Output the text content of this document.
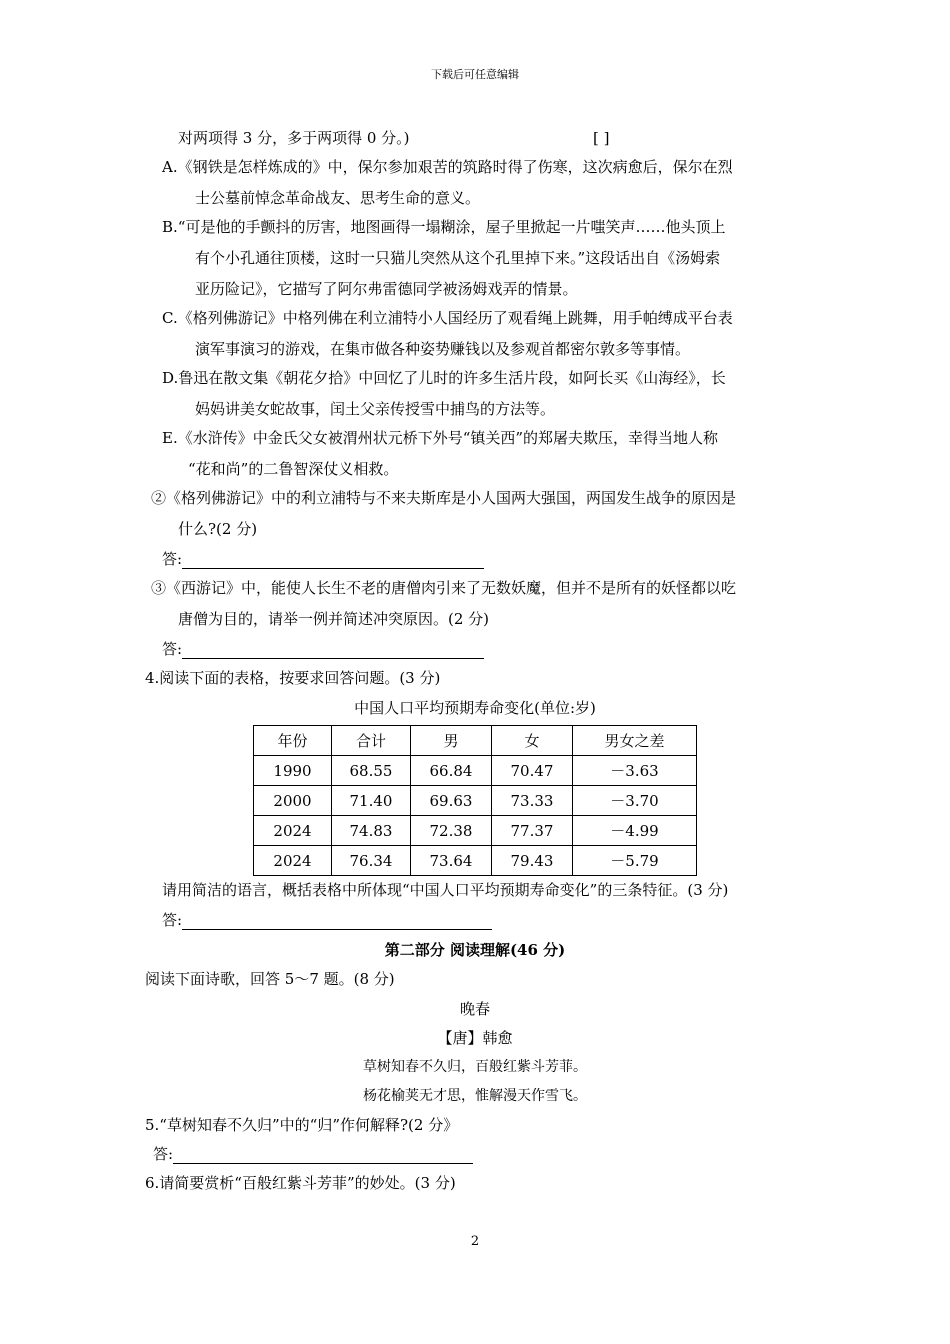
下载后可任意编辑
对两项得 3 分，多于两项得 0 分。)	[ ]
A.《钢铁是怎样炼成的》中，保尔参加艰苦的筑路时得了伤寒，这次病愈后，保尔在烈
士公墓前悼念革命战友、思考生命的意义。
B.“可是他的手颤抖的厉害，地图画得一塌糊涂，屋子里掀起一片嗤笑声……他头顶上
有个小孔通往顶楼，这时一只猫儿突然从这个孔里掉下来。”这段话出自《汤姆索
亚历险记》，它描写了阿尔弗雷德同学被汤姆戏弄的情景。
C.《格列佛游记》中格列佛在利立浦特小人国经历了观看绳上跳舞，用手帕缚成平台表
演军事演习的游戏，在集市做各种姿势赚钱以及参观首都密尔敦多等事情。
D.鲁迅在散文集《朝花夕拾》中回忆了儿时的许多生活片段，如阿长买《山海经》，长
妈妈讲美女蛇故事，闰土父亲传授雪中捕鸟的方法等。
E.《水浒传》中金氏父女被渭州状元桥下外号“镇关西”的郑屠夫欺压，幸得当地人称
“花和尚”的二鲁智深仗义相救。
②《格列佛游记》中的利立浦特与不来夫斯库是小人国两大强国，两国发生战争的原因是
什么?(2 分)
答:
③《西游记》中，能使人长生不老的唐僧肉引来了无数妖魔，但并不是所有的妖怪都以吃
唐僧为目的，请举一例并简述冲突原因。(2 分)
答:
4.阅读下面的表格，按要求回答问题。(3 分)
中国人口平均预期寿命变化(单位:岁)
年份	合计	男	女	男女之差
1990	68.55	66.84	70.47	－3.63
2000	71.40	69.63	73.33	－3.70
2024	74.83	72.38	77.37	－4.99
2024	76.34	73.64	79.43	－5.79
请用简洁的语言，概括表格中所体现“中国人口平均预期寿命变化”的三条特征。(3 分)
答:
第二部分 阅读理解(46 分)
阅读下面诗歌，回答 5～7 题。(8 分)
晚春
【唐】韩愈
草树知春不久归，百般红紫斗芳菲。
杨花榆荚无才思，惟解漫天作雪飞。
5.“草树知春不久归”中的“归”作何解释?(2 分》
答:
6.请简要赏析“百般红紫斗芳菲”的妙处。(3 分)
2
